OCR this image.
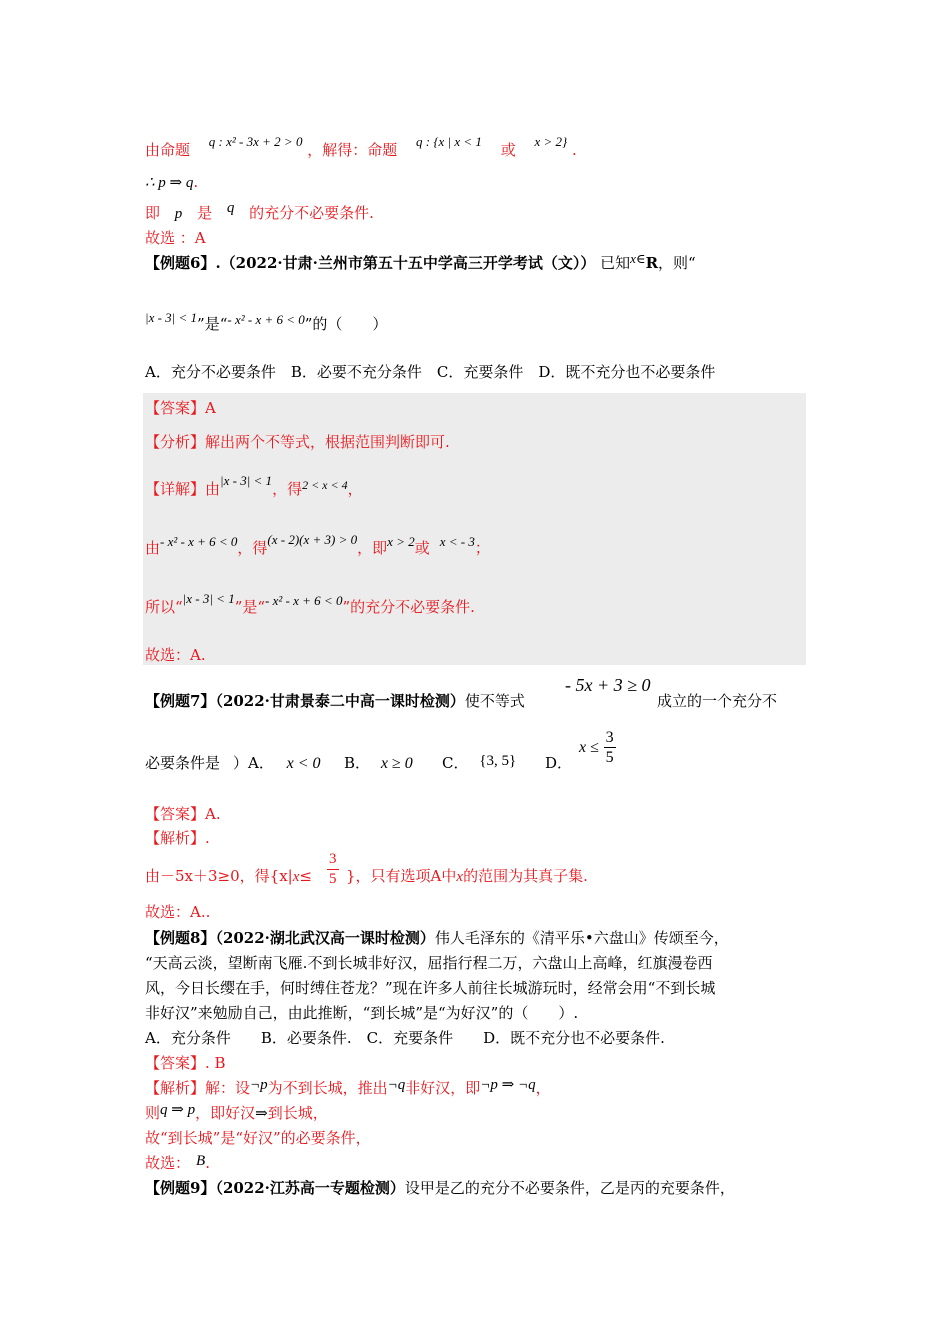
由命题 q : x² - 3x + 2 > 0 ，解得：命题 q : {x | x < 1 或 x > 2} .
∴ p ⇒ q.
即 p 是 q 的充分不必要条件.
故选 ：A
【例题6】.（2022·甘肃·兰州市第五十五中学高三开学考试（文）） 已知x∈R，则“
|x - 3| < 1”是“- x² - x + 6 < 0”的（　　）
A．充分不必要条件　B．必要不充分条件　C．充要条件　D．既不充分也不必要条件
【答案】A
【分析】解出两个不等式，根据范围判断即可.
【详解】由|x - 3| < 1，得$^{2 < x < 4}$，
由- x² - x + 6 < 0，得(x - 2)(x + 3) > 0，即x > 2或 x < - 3；
所以“|x - 3| < 1”是“- x² - x + 6 < 0”的充分不必要条件.
故选：A.
【例题7】（2022·甘肃景泰二中高一课时检测）使不等式
- 5x + 3 ≥ 0
成立的一个充分不
必要条件是 ）A． x < 0 B． x ≥ 0 C． {3, 5} D．
$x \le \frac{3}{5}$
【答案】A.
【解析】.
由－5x＋3≥0，得{$x|x\le \frac{3}{5}$ }，只有选项A中x的范围为其真子集.
故选：A..
【例题8】（2022·湖北武汉高一课时检测）伟人毛泽东的《清平乐•六盘山》传颂至今，
“天高云淡，望断南飞雁.不到长城非好汉，屈指行程二万，六盘山上高峰，红旗漫卷西
风，今日长缨在手，何时缚住苍龙？”现在许多人前往长城游玩时，经常会用“不到长城
非好汉”来勉励自己，由此推断，“到长城”是“为好汉”的（　　）.
A．充分条件　　B．必要条件.　C．充要条件　　D．既不充分也不必要条件.
【答案】. B
【解析】解：设¬p为不到长城，推出¬q非好汉，即¬p ⇒ ¬q，
则q ⇒ p，即好汉⇒到长城，
故“到长城”是“好汉”的必要条件，
故选： B.
【例题9】（2022·江苏高一专题检测）设甲是乙的充分不必要条件，乙是丙的充要条件，
